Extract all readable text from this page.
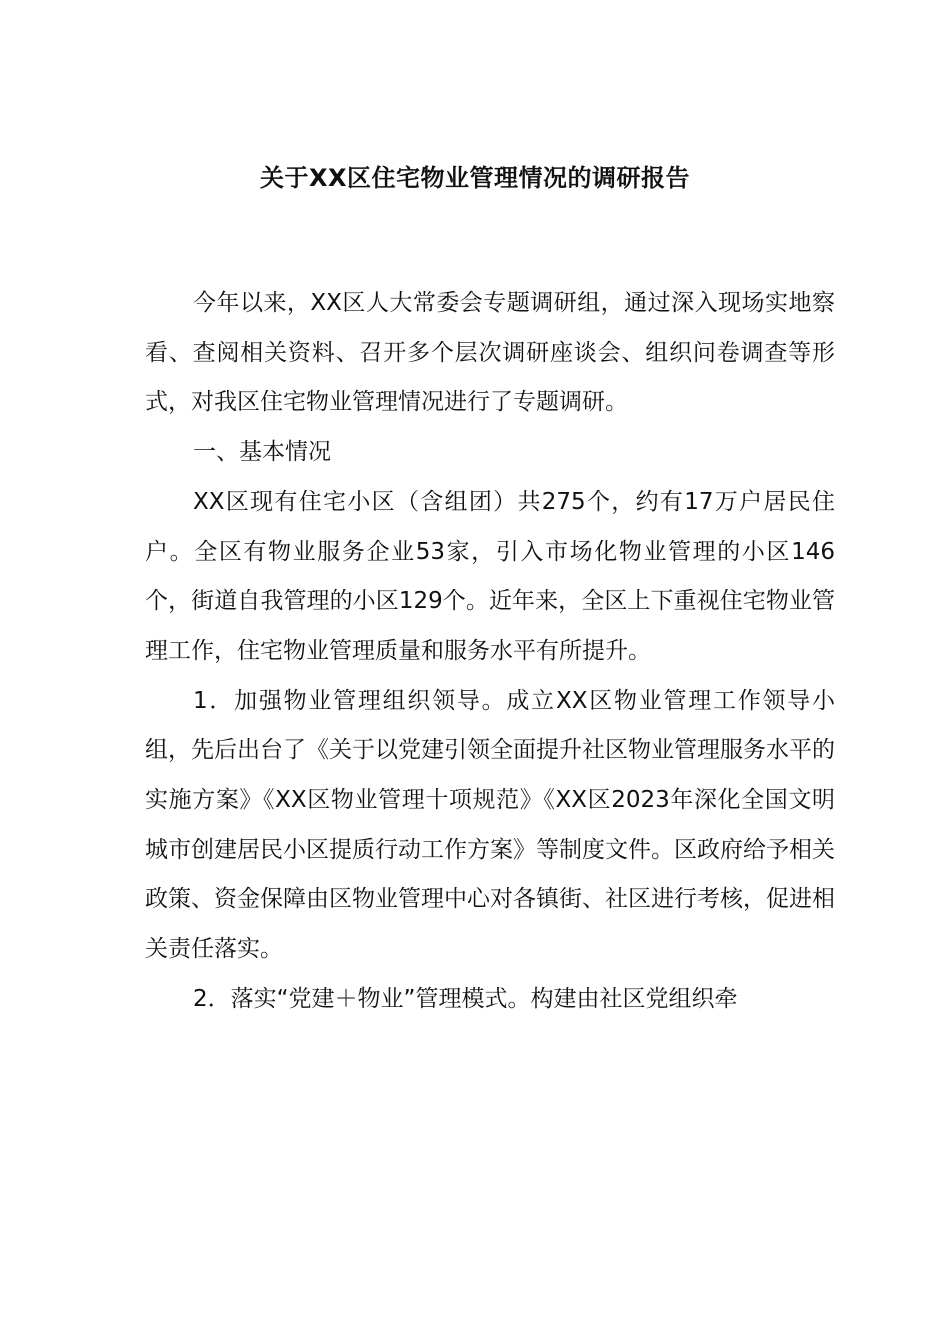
关于XX区住宅物业管理情况的调研报告

今年以来，XX区人大常委会专题调研组，通过深入现场实地察看、查阅相关资料、召开多个层次调研座谈会、组织问卷调查等形式，对我区住宅物业管理情况进行了专题调研。

一、基本情况

XX区现有住宅小区（含组团）共275个，约有17万户居民住户。全区有物业服务企业53家，引入市场化物业管理的小区146个，街道自我管理的小区129个。近年来，全区上下重视住宅物业管理工作，住宅物业管理质量和服务水平有所提升。

1．加强物业管理组织领导。成立XX区物业管理工作领导小组，先后出台了《关于以党建引领全面提升社区物业管理服务水平的实施方案》《XX区物业管理十项规范》《XX区2023年深化全国文明城市创建居民小区提质行动工作方案》等制度文件。区政府给予相关政策、资金保障由区物业管理中心对各镇街、社区进行考核，促进相关责任落实。

2．落实“党建＋物业”管理模式。构建由社区党组织牵
